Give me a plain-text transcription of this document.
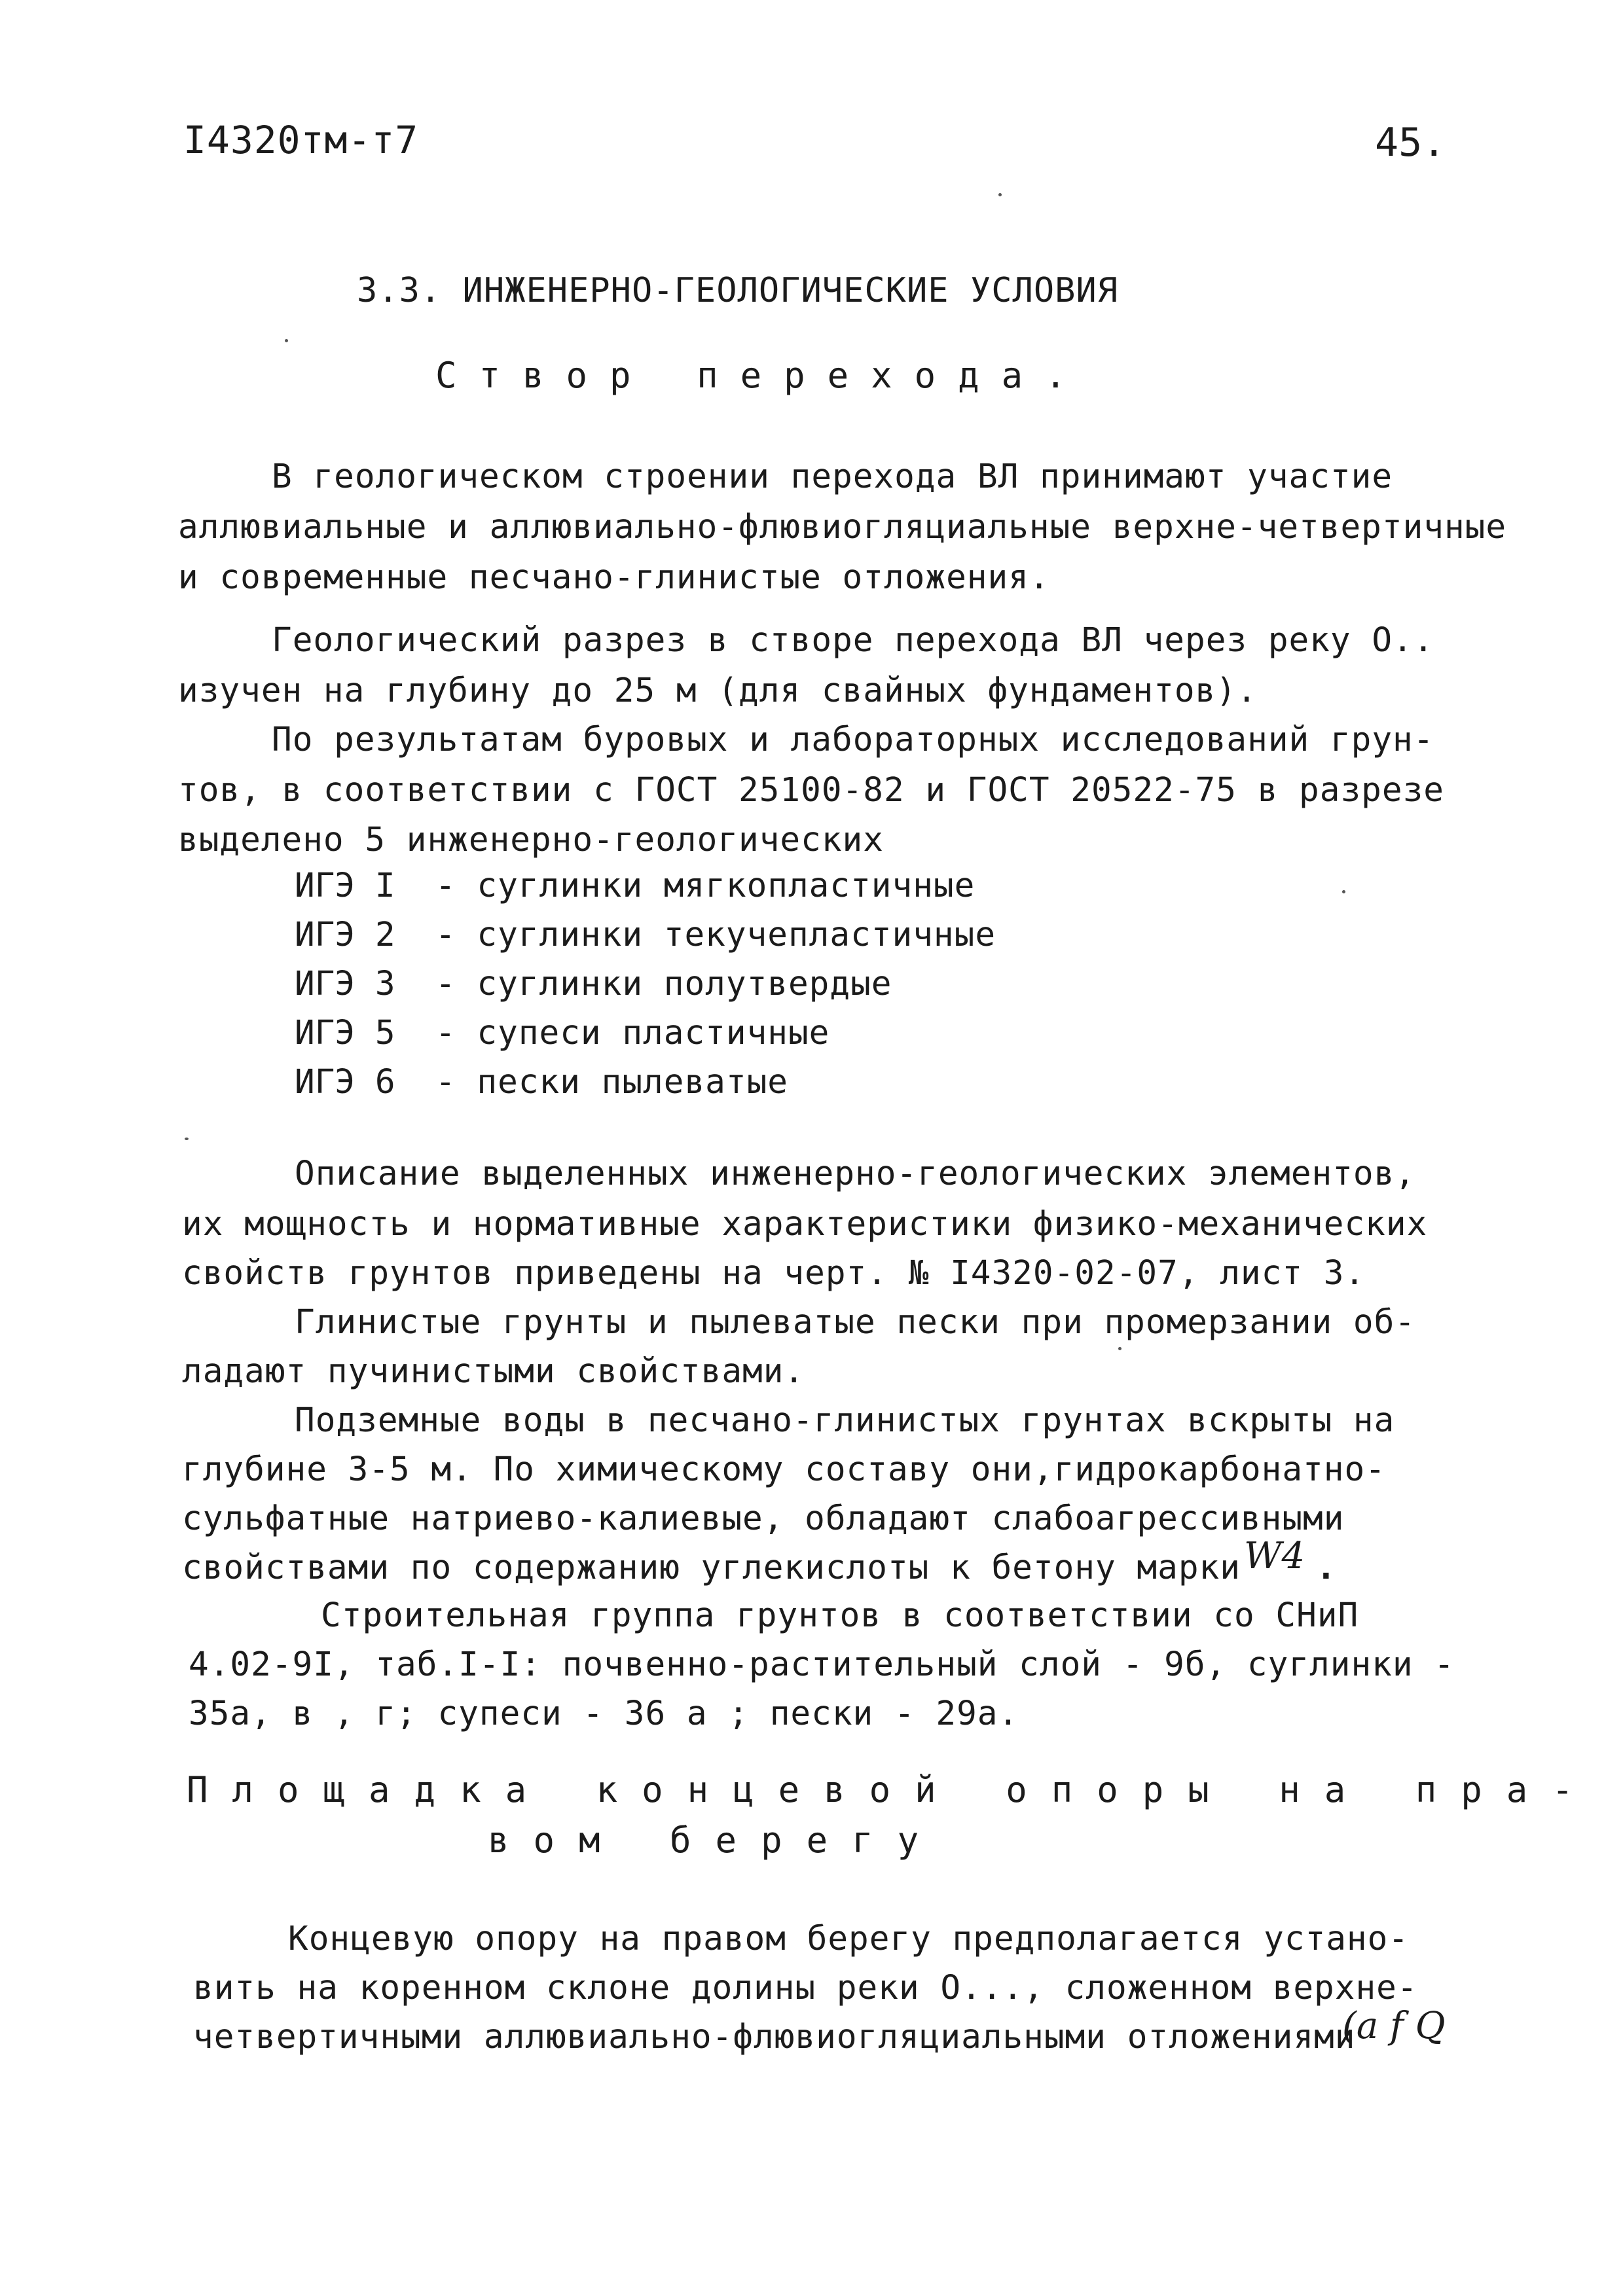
I4320тм-т7	45.
3.3. ИНЖЕНЕРНО-ГЕОЛОГИЧЕСКИЕ УСЛОВИЯ
Створ перехода.
В геологическом строении перехода ВЛ принимают участие
аллювиальные и аллювиально-флювиогляциальные верхне-четвертичные
и современные песчано-глинистые отложения.
Геологический разрез в створе перехода ВЛ через реку О..
изучен на глубину до 25 м (для свайных фундаментов).
По результатам буровых и лабораторных исследований грун-
тов, в соответствии с ГОСТ 25100-82 и ГОСТ 20522-75 в разрезе
выделено 5 инженерно-геологических
ИГЭ I - суглинки мягкопластичные
ИГЭ 2 - суглинки текучепластичные
ИГЭ 3 - суглинки полутвердые
ИГЭ 5 - супеси пластичные
ИГЭ 6 - пески пылеватые
Описание выделенных инженерно-геологических элементов,
их мощность и нормативные характеристики физико-механических
свойств грунтов приведены на черт. № I4320-02-07, лист 3.
Глинистые грунты и пылеватые пески при промерзании об-
ладают пучинистыми свойствами.
Подземные воды в песчано-глинистых грунтах вскрыты на
глубине 3-5 м. По химическому составу они,гидрокарбонатно-
сульфатные натриево-калиевые, обладают слабоагрессивными
свойствами по содержанию углекислоты к бетону марки W4 .
Строительная группа грунтов в соответствии со СНиП
4.02-9I, таб.I-I: почвенно-растительный слой - 9б, суглинки -
35а, в , г; супеси - 36 а ; пески - 29а.
Площадка концевой опоры на пра-
вом берегу
Концевую опору на правом берегу предполагается устано-
вить на коренном склоне долины реки О..., сложенном верхне-
четвертичными аллювиально-флювиогляциальными отложениями
(a f Q
